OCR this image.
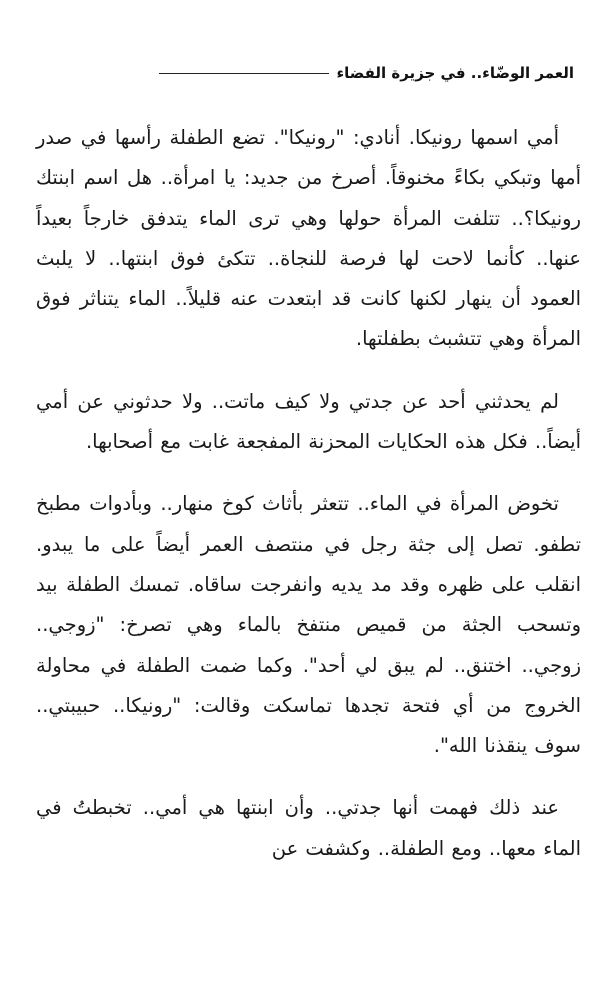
العمر الوضّاء.. في جزيرة الفضاء

أمي اسمها رونيكا. أنادي: "رونيكا". تضع الطفلة رأسها في صدر أمها وتبكي بكاءً مخنوقاً. أصرخ من جديد: يا امرأة.. هل اسم ابنتك رونيكا؟.. تتلفت المرأة حولها وهي ترى الماء يتدفق خارجاً بعيداً عنها.. كأنما لاحت لها فرصة للنجاة.. تتكئ فوق ابنتها.. لا يلبث العمود أن ينهار لكنها كانت قد ابتعدت عنه قليلاً.. الماء يتناثر فوق المرأة وهي تتشبث بطفلتها.

لم يحدثني أحد عن جدتي ولا كيف ماتت.. ولا حدثوني عن أمي أيضاً.. فكل هذه الحكايات المحزنة المفجعة غابت مع أصحابها.

تخوض المرأة في الماء.. تتعثر بأثاث كوخ منهار.. وبأدوات مطبخ تطفو. تصل إلى جثة رجل في منتصف العمر أيضاً على ما يبدو. انقلب على ظهره وقد مد يديه وانفرجت ساقاه. تمسك الطفلة بيد وتسحب الجثة من قميص منتفخ بالماء وهي تصرخ: "زوجي.. زوجي.. اختنق.. لم يبق لي أحد". وكما ضمت الطفلة في محاولة الخروج من أي فتحة تجدها تماسكت وقالت: "رونيكا.. حبيبتي.. سوف ينقذنا الله".

عند ذلك فهمت أنها جدتي.. وأن ابنتها هي أمي.. تخبطتُ في الماء معها.. ومع الطفلة.. وكشفت عن
